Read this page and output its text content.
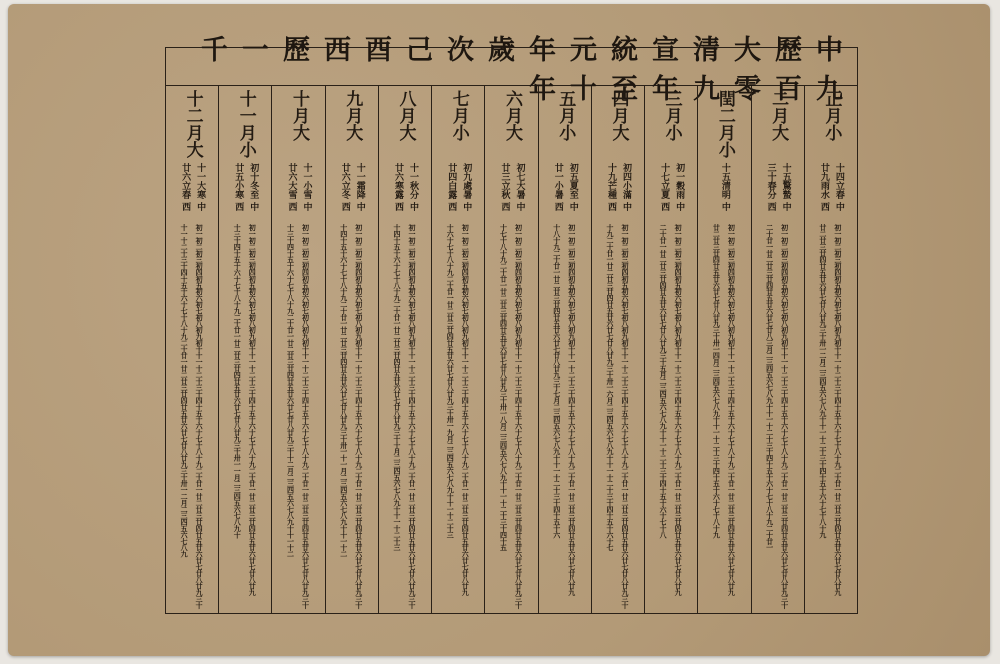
中歷大清宣統元年歲次己酉西歷一千九百零九年至十年
正月小
十四立春 中
廿九雨水 西
初一初二初三初四初五初六初七初八初九初十十一十二十三十四十五十六十七十八十九二十廿一廿二廿三廿四廿五廿六廿七廿八廿九
廿二廿三廿四廿五廿六廿七廿八廿九三十卅一二月二三四五六七八九十十一十二十三十四十五十六十七十八十九
二月大
十五驚蟄 中
三十春分 西
初一初二初三初四初五初六初七初八初九初十十一十二十三十四十五十六十七十八十九二十廿一廿二廿三廿四廿五廿六廿七廿八廿九三十
二十廿一廿二廿三廿四廿五廿六廿七廿八三月二三四五六七八九十十一十二十三十四十五十六十七十八十九二十廿一
閏二月小
十五清明 中
初一初二初三初四初五初六初七初八初九初十十一十二十三十四十五十六十七十八十九二十廿一廿二廿三廿四廿五廿六廿七廿八廿九
廿二廿三廿四廿五廿六廿七廿八廿九三十卅一四月二三四五六七八九十十一十二十三十四十五十六十七十八十九
三月小
初一穀雨 中
十七立夏 西
初一初二初三初四初五初六初七初八初九初十十一十二十三十四十五十六十七十八十九二十廿一廿二廿三廿四廿五廿六廿七廿八廿九
二十廿一廿二廿三廿四廿五廿六廿七廿八廿九三十五月二三四五六七八九十十一十二十三十四十五十六十七十八
四月大
初四小滿 中
十九芒種 西
初一初二初三初四初五初六初七初八初九初十十一十二十三十四十五十六十七十八十九二十廿一廿二廿三廿四廿五廿六廿七廿八廿九三十
十九二十廿一廿二廿三廿四廿五廿六廿七廿八廿九三十卅一六月二三四五六七八九十十一十二十三十四十五十六十七
五月小
初五夏至 中
廿一小暑 西
初一初二初三初四初五初六初七初八初九初十十一十二十三十四十五十六十七十八十九二十廿一廿二廿三廿四廿五廿六廿七廿八廿九
十八十九二十廿一廿二廿三廿四廿五廿六廿七廿八廿九三十七月二三四五六七八九十十一十二十三十四十五十六
六月大
初七大暑 中
廿三立秋 西
初一初二初三初四初五初六初七初八初九初十十一十二十三十四十五十六十七十八十九二十廿一廿二廿三廿四廿五廿六廿七廿八廿九三十
十七十八十九二十廿一廿二廿三廿四廿五廿六廿七廿八廿九三十卅一八月二三四五六七八九十十一十二十三十四十五
七月小
初九處暑 中
廿四白露 西
初一初二初三初四初五初六初七初八初九初十十一十二十三十四十五十六十七十八十九二十廿一廿二廿三廿四廿五廿六廿七廿八廿九
十六十七十八十九二十廿一廿二廿三廿四廿五廿六廿七廿八廿九三十卅一九月二三四五六七八九十十一十二十三
八月大
十一秋分 中
廿六寒露 西
初一初二初三初四初五初六初七初八初九初十十一十二十三十四十五十六十七十八十九二十廿一廿二廿三廿四廿五廿六廿七廿八廿九三十
十四十五十六十七十八十九二十廿一廿二廿三廿四廿五廿六廿七廿八廿九三十十月二三四五六七八九十十一十二十三
九月大
十一霜降 中
廿六立冬 西
初一初二初三初四初五初六初七初八初九初十十一十二十三十四十五十六十七十八十九二十廿一廿二廿三廿四廿五廿六廿七廿八廿九三十
十四十五十六十七十八十九二十廿一廿二廿三廿四廿五廿六廿七廿八廿九三十卅一十一月二三四五六七八九十十一十二
十月大
十一小雪 中
廿六大雪 西
初一初二初三初四初五初六初七初八初九初十十一十二十三十四十五十六十七十八十九二十廿一廿二廿三廿四廿五廿六廿七廿八廿九三十
十三十四十五十六十七十八十九二十廿一廿二廿三廿四廿五廿六廿七廿八廿九三十十二月二三四五六七八九十十一十二
十一月小
初十冬至 中
廿五小寒 西
初一初二初三初四初五初六初七初八初九初十十一十二十三十四十五十六十七十八十九二十廿一廿二廿三廿四廿五廿六廿七廿八廿九
十三十四十五十六十七十八十九二十廿一廿二廿三廿四廿五廿六廿七廿八廿九三十卅一一月二三四五六七八九十
十二月大
十一大寒 中
廿六立春 西
初一初二初三初四初五初六初七初八初九初十十一十二十三十四十五十六十七十八十九二十廿一廿二廿三廿四廿五廿六廿七廿八廿九三十
十一十二十三十四十五十六十七十八十九二十廿一廿二廿三廿四廿五廿六廿七廿八廿九三十卅一二月二三四五六七八九
